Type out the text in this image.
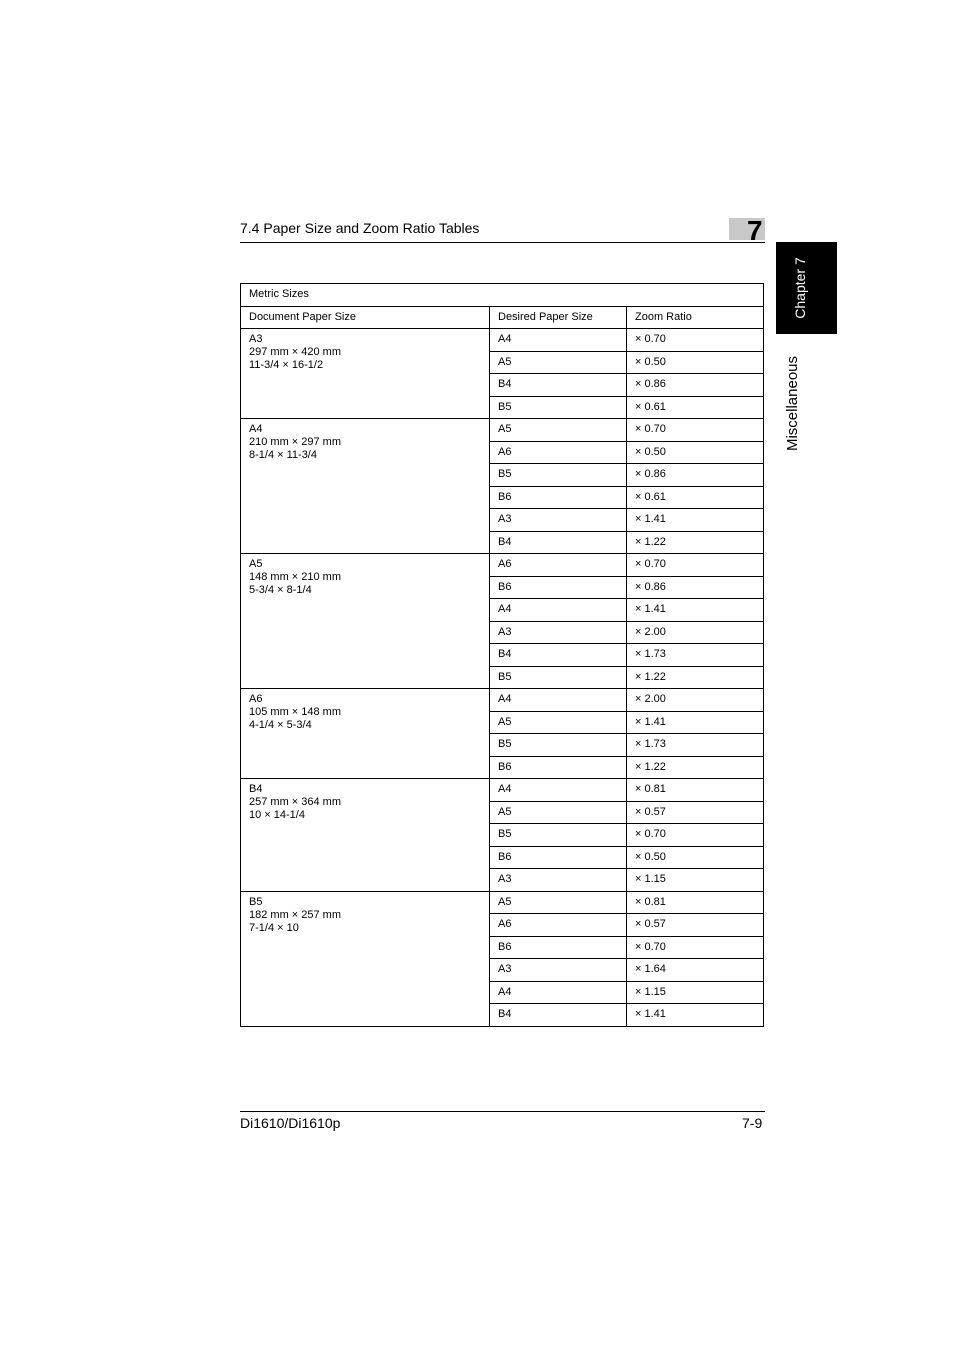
7.4 Paper Size and Zoom Ratio Tables	7
Chapter 7
Miscellaneous
Metric Sizes		
Document Paper Size	Desired Paper Size	Zoom Ratio

A3
297 mm × 420 mm
11-3/4 × 16-1/2	A4	× 0.70
	A5	× 0.50
	B4	× 0.86
	B5	× 0.61

A4
210 mm × 297 mm
8-1/4 × 11-3/4	A5	× 0.70
	A6	× 0.50
	B5	× 0.86
	B6	× 0.61
	A3	× 1.41
	B4	× 1.22

A5
148 mm × 210 mm
5-3/4 × 8-1/4	A6	× 0.70
	B6	× 0.86
	A4	× 1.41
	A3	× 2.00
	B4	× 1.73
	B5	× 1.22

A6
105 mm × 148 mm
4-1/4 × 5-3/4	A4	× 2.00
	A5	× 1.41
	B5	× 1.73
	B6	× 1.22

B4
257 mm × 364 mm
10 × 14-1/4	A4	× 0.81
	A5	× 0.57
	B5	× 0.70
	B6	× 0.50
	A3	× 1.15

B5
182 mm × 257 mm
7-1/4 × 10	A5	× 0.81
	A6	× 0.57
	B6	× 0.70
	A3	× 1.64
	A4	× 1.15
	B4	× 1.41
Di1610/Di1610p	7-9
